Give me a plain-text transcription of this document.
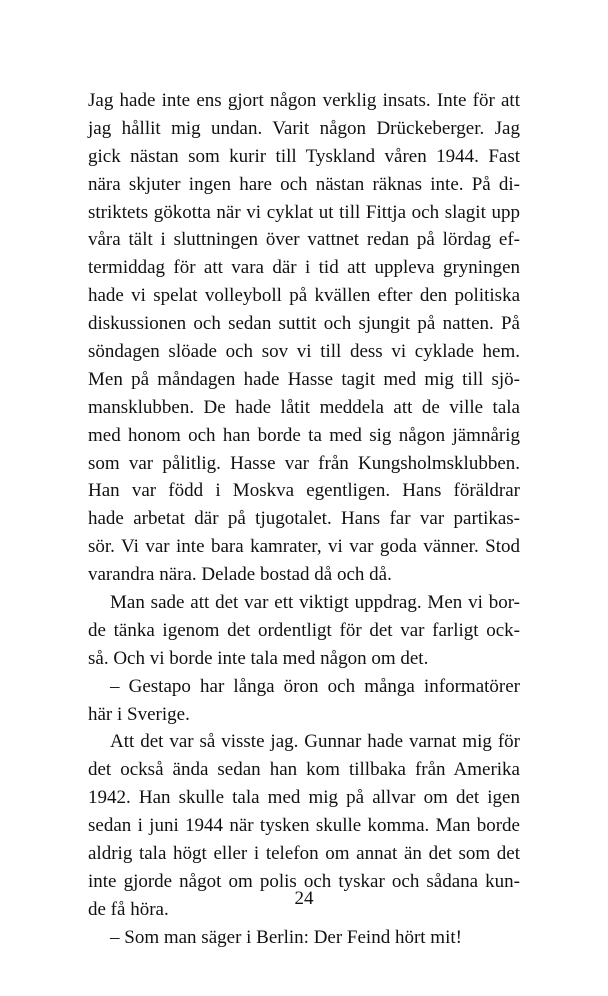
Jag hade inte ens gjort någon verklig insats. Inte för att
jag hållit mig undan. Varit någon Drückeberger. Jag
gick nästan som kurir till Tyskland våren 1944. Fast
nära skjuter ingen hare och nästan räknas inte. På di-
striktets gökotta när vi cyklat ut till Fittja och slagit upp
våra tält i sluttningen över vattnet redan på lördag ef-
termiddag för att vara där i tid att uppleva gryningen
hade vi spelat volleyboll på kvällen efter den politiska
diskussionen och sedan suttit och sjungit på natten. På
söndagen slöade och sov vi till dess vi cyklade hem.
Men på måndagen hade Hasse tagit med mig till sjö-
mansklubben. De hade låtit meddela att de ville tala
med honom och han borde ta med sig någon jämnårig
som var pålitlig. Hasse var från Kungsholmsklubben.
Han var född i Moskva egentligen. Hans föräldrar
hade arbetat där på tjugotalet. Hans far var partikas-
sör. Vi var inte bara kamrater, vi var goda vänner. Stod
varandra nära. Delade bostad då och då.
Man sade att det var ett viktigt uppdrag. Men vi bor-
de tänka igenom det ordentligt för det var farligt ock-
så. Och vi borde inte tala med någon om det.
– Gestapo har långa öron och många informatörer
här i Sverige.
Att det var så visste jag. Gunnar hade varnat mig för
det också ända sedan han kom tillbaka från Amerika
1942. Han skulle tala med mig på allvar om det igen
sedan i juni 1944 när tysken skulle komma. Man borde
aldrig tala högt eller i telefon om annat än det som det
inte gjorde något om polis och tyskar och sådana kun-
de få höra.
– Som man säger i Berlin: Der Feind hört mit!
24
